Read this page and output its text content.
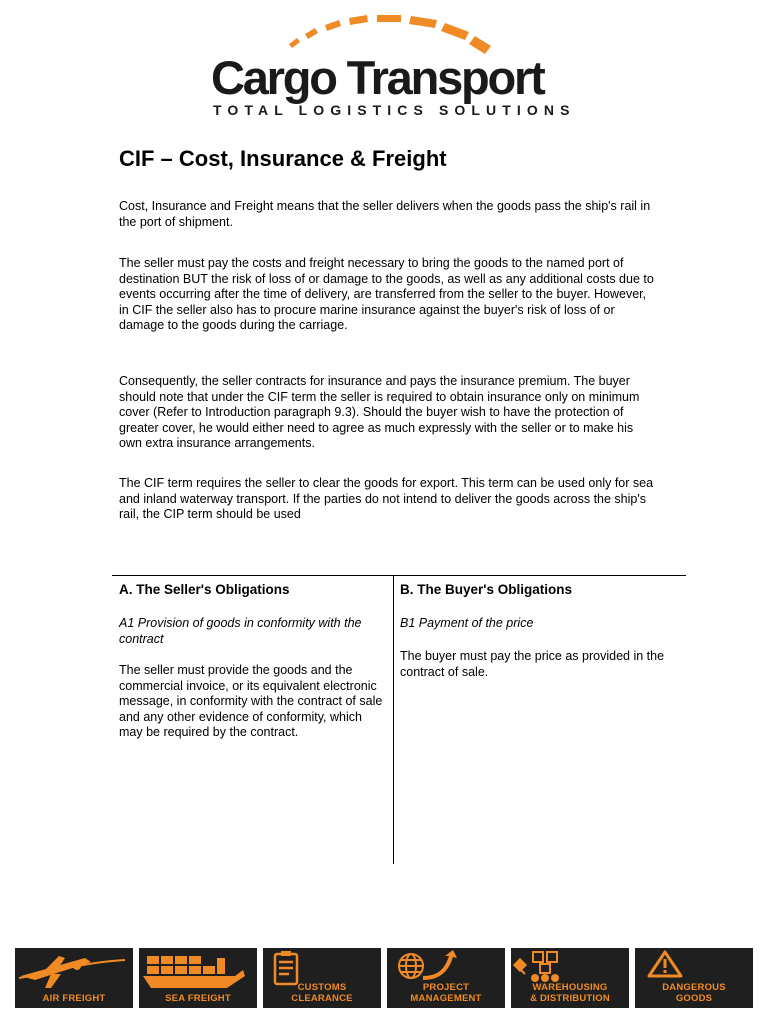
Cargo Transport
TOTAL LOGISTICS SOLUTIONS
CIF – Cost, Insurance & Freight

Cost, Insurance and Freight means that the seller delivers when the goods pass the ship's rail in the port of shipment.

The seller must pay the costs and freight necessary to bring the goods to the named port of destination BUT the risk of loss of or damage to the goods, as well as any additional costs due to events occurring after the time of delivery, are transferred from the seller to the buyer. However, in CIF the seller also has to procure marine insurance against the buyer's risk of loss of or damage to the goods during the carriage.

Consequently, the seller contracts for insurance and pays the insurance premium. The buyer should note that under the CIF term the seller is required to obtain insurance only on minimum cover (Refer to Introduction paragraph 9.3). Should the buyer wish to have the protection of greater cover, he would either need to agree as much expressly with the seller or to make his own extra insurance arrangements.

The CIF term requires the seller to clear the goods for export. This term can be used only for sea and inland waterway transport. If the parties do not intend to deliver the goods across the ship's rail, the CIP term should be used

A. The Seller's Obligations
A1 Provision of goods in conformity with the contract
The seller must provide the goods and the commercial invoice, or its equivalent electronic message, in conformity with the contract of sale and any other evidence of conformity, which may be required by the contract.
B. The Buyer's Obligations
B1 Payment of the price
The buyer must pay the price as provided in the contract of sale.
AIR FREIGHT	SEA FREIGHT
CUSTOMS
CLEARANCE
PROJECT
MANAGEMENT
WAREHOUSING
& DISTRIBUTION
DANGEROUS
GOODS
